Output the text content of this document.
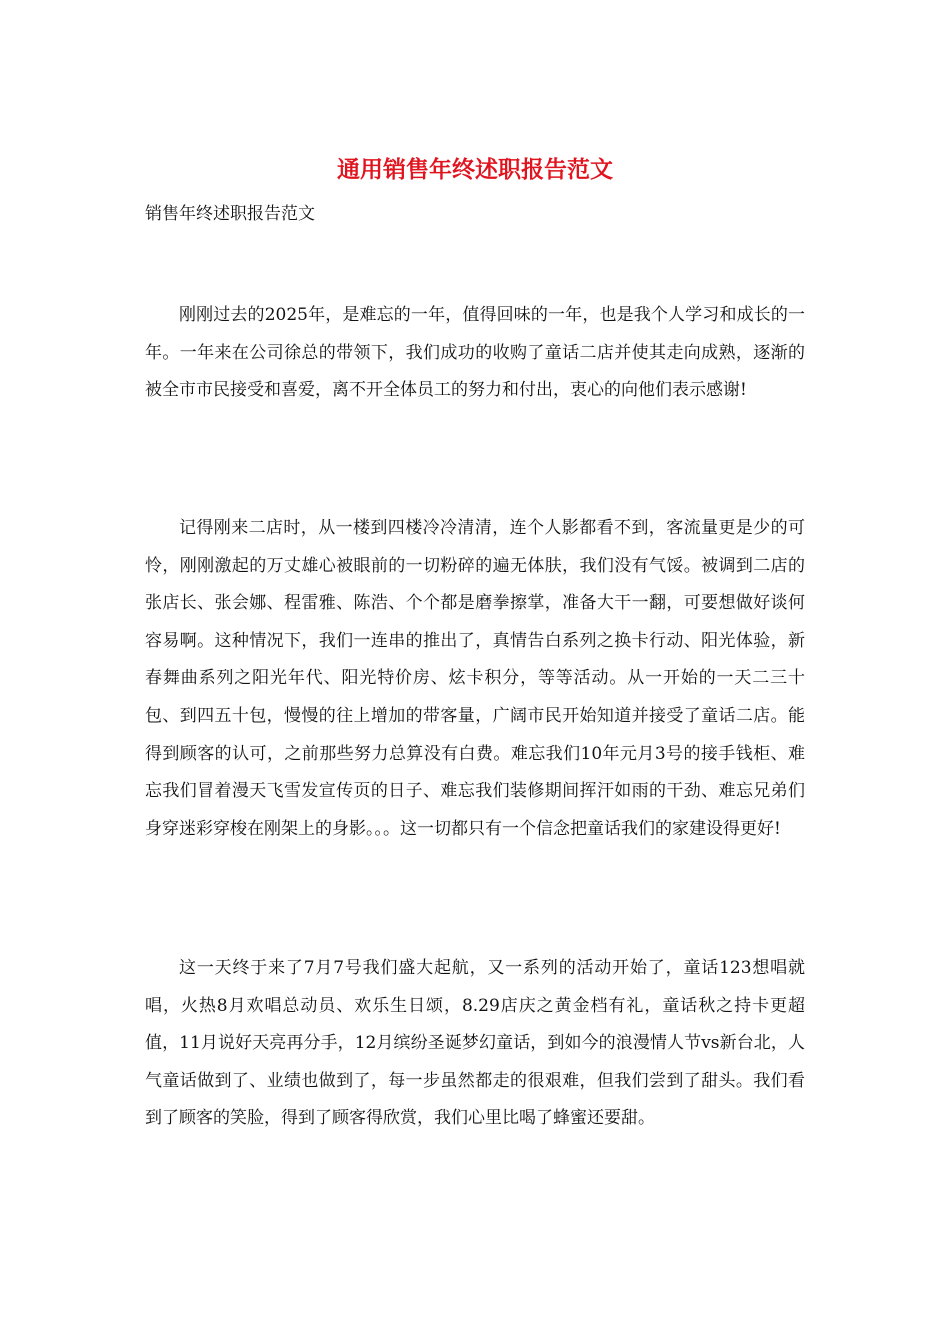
通用销售年终述职报告范文

销售年终述职报告范文

刚刚过去的2025年，是难忘的一年，值得回味的一年，也是我个人学习和成长的一年。一年来在公司徐总的带领下，我们成功的收购了童话二店并使其走向成熟，逐渐的被全市市民接受和喜爱，离不开全体员工的努力和付出，衷心的向他们表示感谢!

记得刚来二店时，从一楼到四楼冷冷清清，连个人影都看不到，客流量更是少的可怜，刚刚激起的万丈雄心被眼前的一切粉碎的遍无体肤，我们没有气馁。被调到二店的张店长、张会娜、程雷雅、陈浩、个个都是磨拳擦掌，准备大干一翻，可要想做好谈何容易啊。这种情况下，我们一连串的推出了，真情告白系列之换卡行动、阳光体验，新春舞曲系列之阳光年代、阳光特价房、炫卡积分，等等活动。从一开始的一天二三十包、到四五十包，慢慢的往上增加的带客量，广阔市民开始知道并接受了童话二店。能得到顾客的认可，之前那些努力总算没有白费。难忘我们10年元月3号的接手钱柜、难忘我们冒着漫天飞雪发宣传页的日子、难忘我们装修期间挥汗如雨的干劲、难忘兄弟们身穿迷彩穿梭在刚架上的身影。。。这一切都只有一个信念把童话我们的家建设得更好!

这一天终于来了7月7号我们盛大起航，又一系列的活动开始了，童话123想唱就唱，火热8月欢唱总动员、欢乐生日颂，8.29店庆之黄金档有礼，童话秋之持卡更超值，11月说好天亮再分手，12月缤纷圣诞梦幻童话，到如今的浪漫情人节vs新台北，人气童话做到了、业绩也做到了，每一步虽然都走的很艰难，但我们尝到了甜头。我们看到了顾客的笑脸，得到了顾客得欣赏，我们心里比喝了蜂蜜还要甜。
